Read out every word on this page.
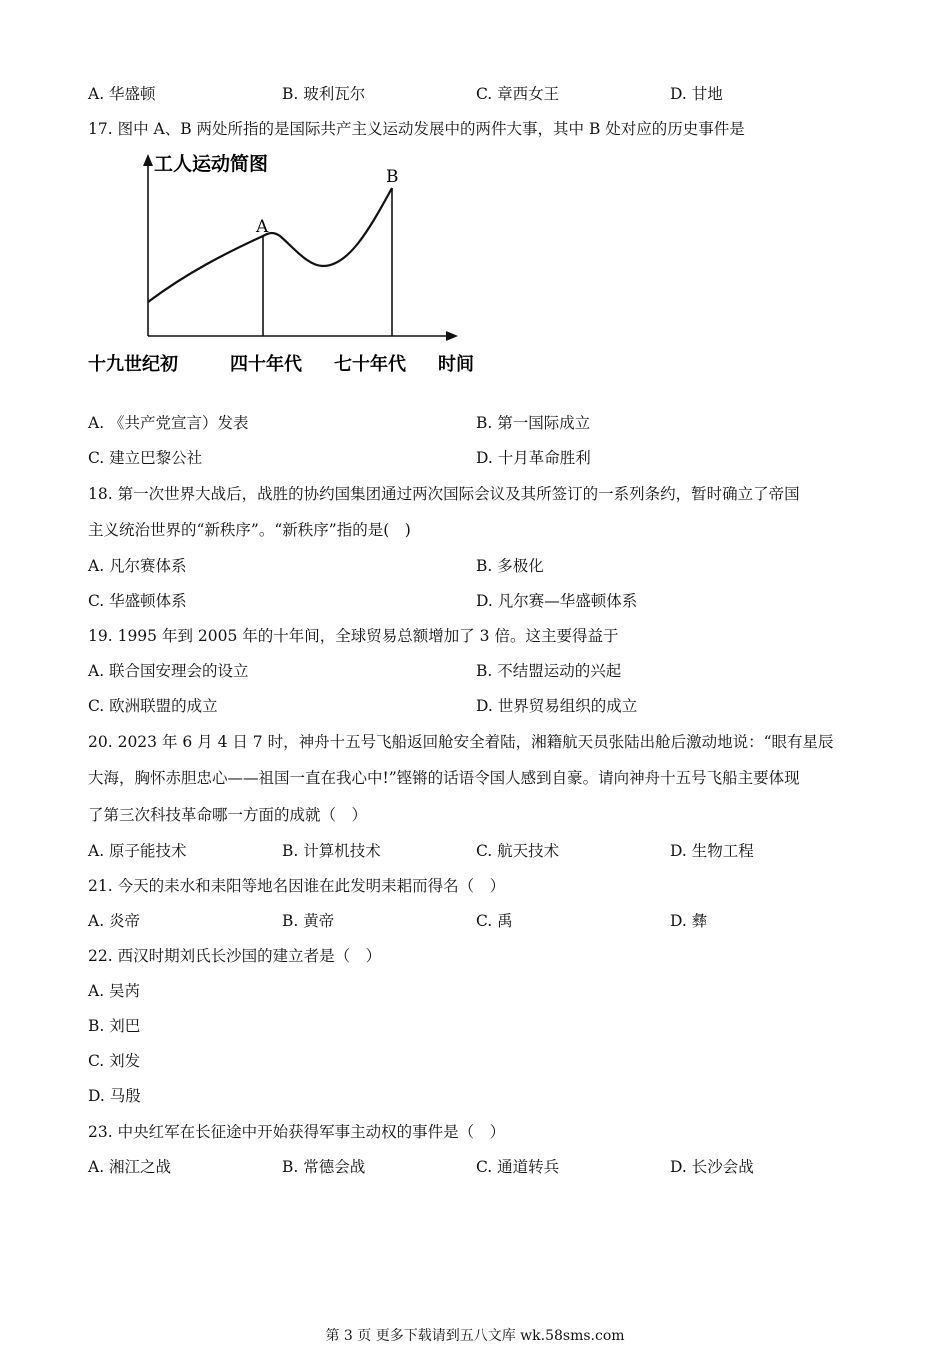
A. 华盛顿	B. 玻利瓦尔	C. 章西女王	D. 甘地
17. 图中 A、B 两处所指的是国际共产主义运动发展中的两件大事，其中 B 处对应的历史事件是
工人运动简图
A
B
十九世纪初	四十年代 七十年代 时间
A. 《共产党宣言）发表	B. 第一国际成立
C. 建立巴黎公社	D. 十月革命胜利
18. 第一次世界大战后，战胜的协约国集团通过两次国际会议及其所签订的一系列条约，暂时确立了帝国
主义统治世界的“新秩序”。“新秩序”指的是(　)
A. 凡尔赛体系	B. 多极化
C. 华盛顿体系	D. 凡尔赛—华盛顿体系
19. 1995 年到 2005 年的十年间，全球贸易总额增加了 3 倍。这主要得益于
A. 联合国安理会的设立	B. 不结盟运动的兴起
C. 欧洲联盟的成立	D. 世界贸易组织的成立
20. 2023 年 6 月 4 日 7 时，神舟十五号飞船返回舱安全着陆，湘籍航天员张陆出舱后激动地说：“眼有星辰
大海，胸怀赤胆忠心——祖国一直在我心中!”铿锵的话语令国人感到自豪。请向神舟十五号飞船主要体现
了第三次科技革命哪一方面的成就（　）
A. 原子能技术	B. 计算机技术	C. 航天技术	D. 生物工程
21. 今天的耒水和耒阳等地名因谁在此发明耒耜而得名（　）
A. 炎帝	B. 黄帝	C. 禹	D. 彝
22. 西汉时期刘氏长沙国的建立者是（　）
A. 吴芮
B. 刘巴
C. 刘发
D. 马殷
23. 中央红军在长征途中开始获得军事主动权的事件是（　）
A. 湘江之战	B. 常德会战	C. 通道转兵	D. 长沙会战
第 3 页 更多下载请到五八文库 wk.58sms.com
